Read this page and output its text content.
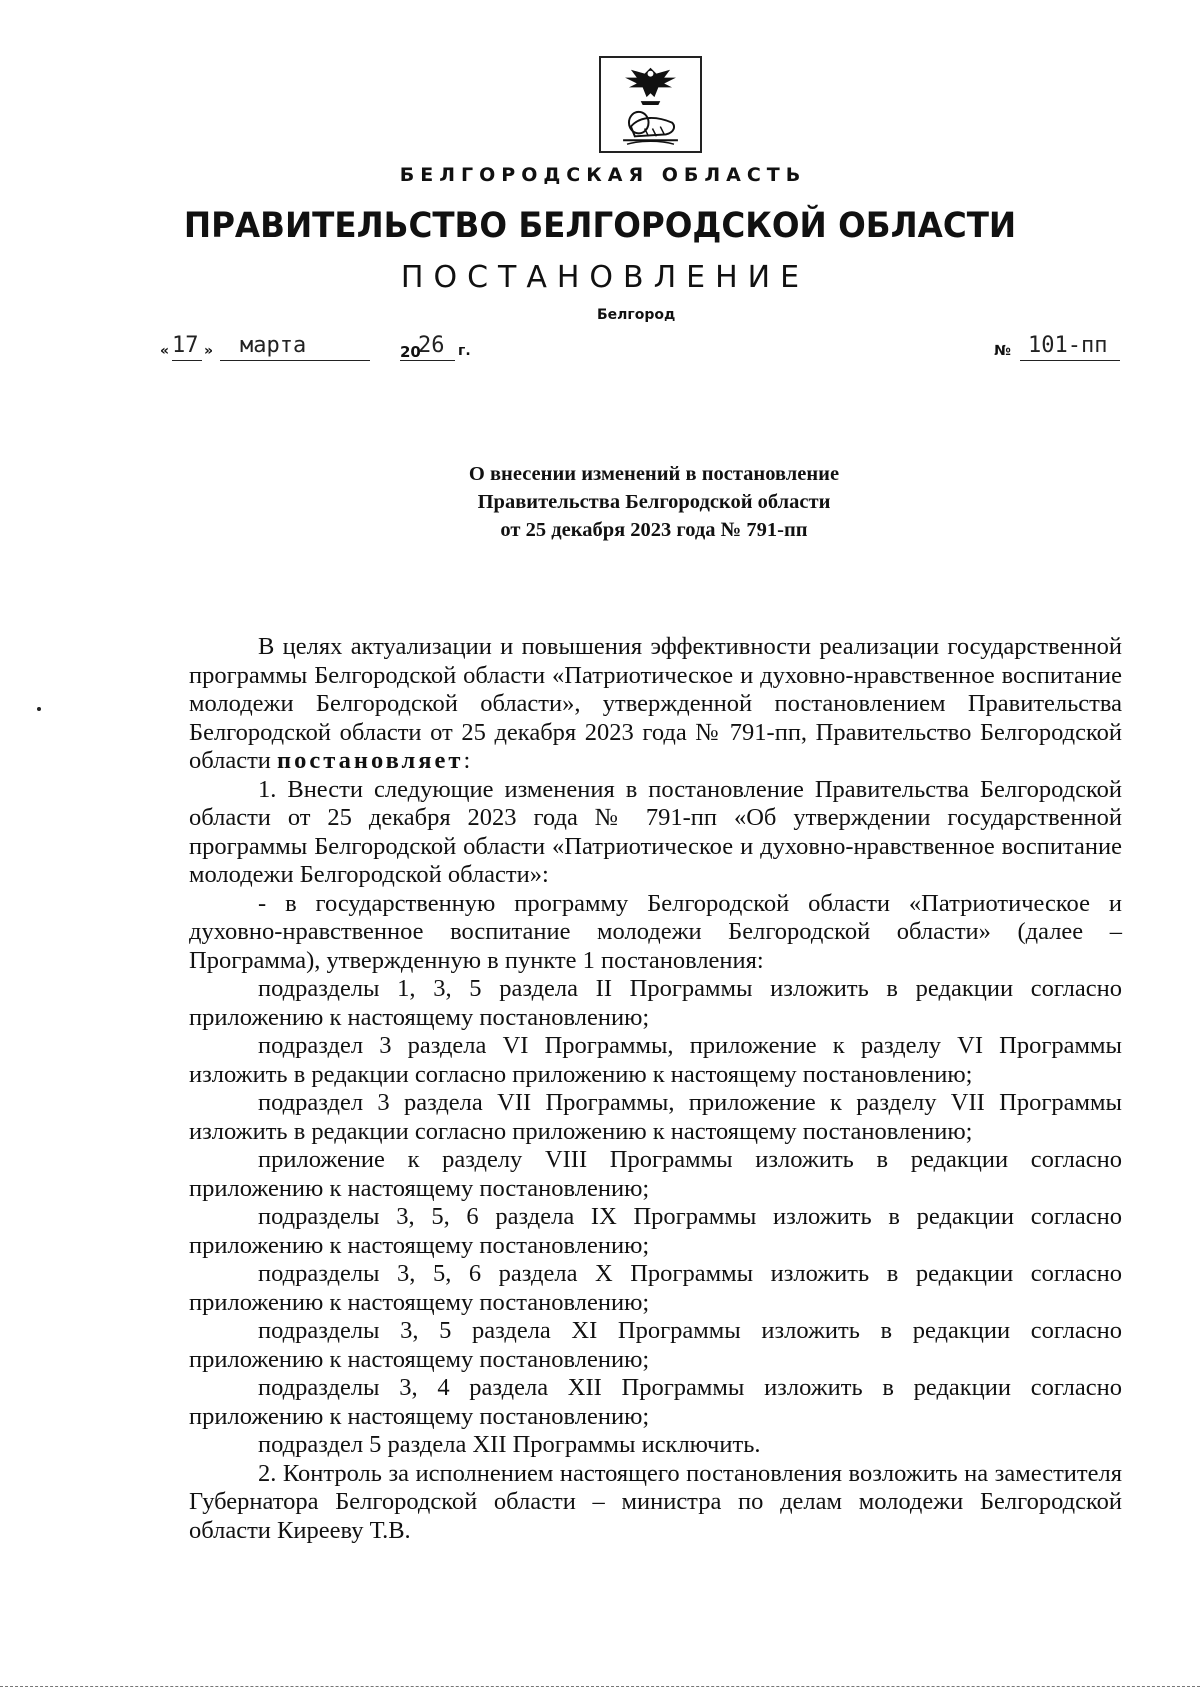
БЕЛГОРОДСКАЯ ОБЛАСТЬ
ПРАВИТЕЛЬСТВО БЕЛГОРОДСКОЙ ОБЛАСТИ
ПОСТАНОВЛЕНИЕ
Белгород
« 17 » марта	20
26 г.	№ 101-пп
О внесении изменений в постановление
Правительства Белгородской области
от 25 декабря 2023 года № 791-пп
В целях актуализации и повышения эффективности реализации государственной программы Белгородской области «Патриотическое и духовно-нравственное воспитание молодежи Белгородской области», утвержденной постановлением Правительства Белгородской области от 25 декабря 2023 года № 791-пп, Правительство Белгородской области постановляет:
1. Внести следующие изменения в постановление Правительства Белгородской области от 25 декабря 2023 года № 791-пп «Об утверждении государственной программы Белгородской области «Патриотическое и духовно-нравственное воспитание молодежи Белгородской области»:
- в государственную программу Белгородской области «Патриотическое и духовно-нравственное воспитание молодежи Белгородской области» (далее – Программа), утвержденную в пункте 1 постановления:
подразделы 1, 3, 5 раздела II Программы изложить в редакции согласно приложению к настоящему постановлению;
подраздел 3 раздела VI Программы, приложение к разделу VI Программы изложить в редакции согласно приложению к настоящему постановлению;
подраздел 3 раздела VII Программы, приложение к разделу VII Программы изложить в редакции согласно приложению к настоящему постановлению;
приложение к разделу VIII Программы изложить в редакции согласно приложению к настоящему постановлению;
подразделы 3, 5, 6 раздела IX Программы изложить в редакции согласно приложению к настоящему постановлению;
подразделы 3, 5, 6 раздела X Программы изложить в редакции согласно приложению к настоящему постановлению;
подразделы 3, 5 раздела XI Программы изложить в редакции согласно приложению к настоящему постановлению;
подразделы 3, 4 раздела XII Программы изложить в редакции согласно приложению к настоящему постановлению;
подраздел 5 раздела XII Программы исключить.
2. Контроль за исполнением настоящего постановления возложить на заместителя Губернатора Белгородской области – министра по делам молодежи Белгородской области Кирееву Т.В.
